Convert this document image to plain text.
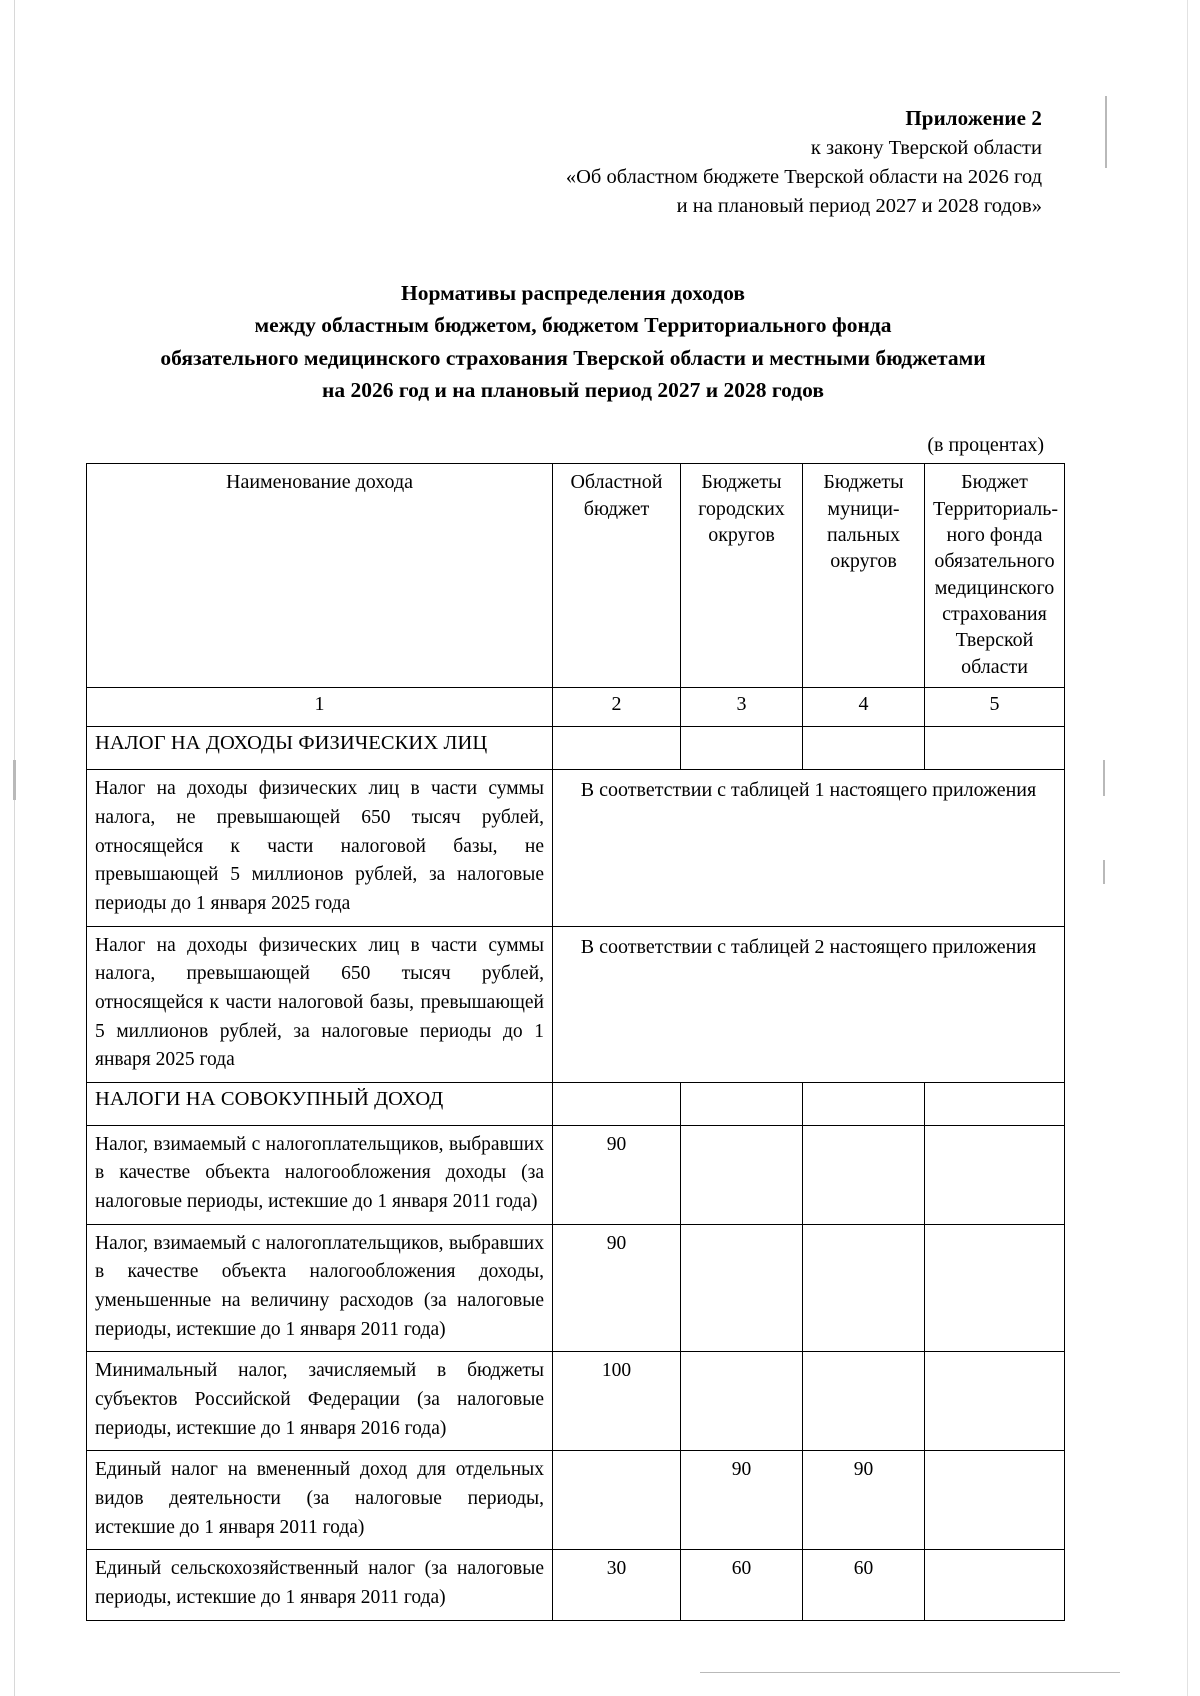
Приложение 2
к закону Тверской области
«Об областном бюджете Тверской области на 2026 год
и на плановый период 2027 и 2028 годов»
Нормативы распределения доходов
между областным бюджетом, бюджетом Территориального фонда
обязательного медицинского страхования Тверской области и местными бюджетами
на 2026 год и на плановый период 2027 и 2028 годов
(в процентах)
Наименование дохода	Областной бюджет	Бюджеты городских округов	Бюджеты муници-пальных округов	Бюджет Территориаль-ного фонда обязательного медицинского страхования Тверской области
1	2	3	4	5
НАЛОГ НА ДОХОДЫ ФИЗИЧЕСКИХ ЛИЦ				
Налог на доходы физических лиц в части суммы налога, не превышающей 650 тысяч рублей, относящейся к части налоговой базы, не превышающей 5 миллионов рублей, за налоговые периоды до 1 января 2025 года	В соответствии с таблицей 1 настоящего приложения			
Налог на доходы физических лиц в части суммы налога, превышающей 650 тысяч рублей, относящейся к части налоговой базы, превышающей 5 миллионов рублей, за налоговые периоды до 1 января 2025 года	В соответствии с таблицей 2 настоящего приложения			
НАЛОГИ НА СОВОКУПНЫЙ ДОХОД				
Налог, взимаемый с налогоплательщиков, выбравших в качестве объекта налогообложения доходы (за налоговые периоды, истекшие до 1 января 2011 года)	90			
Налог, взимаемый с налогоплательщиков, выбравших в качестве объекта налогообложения доходы, уменьшенные на величину расходов (за налоговые периоды, истекшие до 1 января 2011 года)	90			
Минимальный налог, зачисляемый в бюджеты субъектов Российской Федерации (за налоговые периоды, истекшие до 1 января 2016 года)	100			
Единый налог на вмененный доход для отдельных видов деятельности (за налоговые периоды, истекшие до 1 января 2011 года)		90	90	
Единый сельскохозяйственный налог (за налоговые периоды, истекшие до 1 января 2011 года)	30	60	60	
